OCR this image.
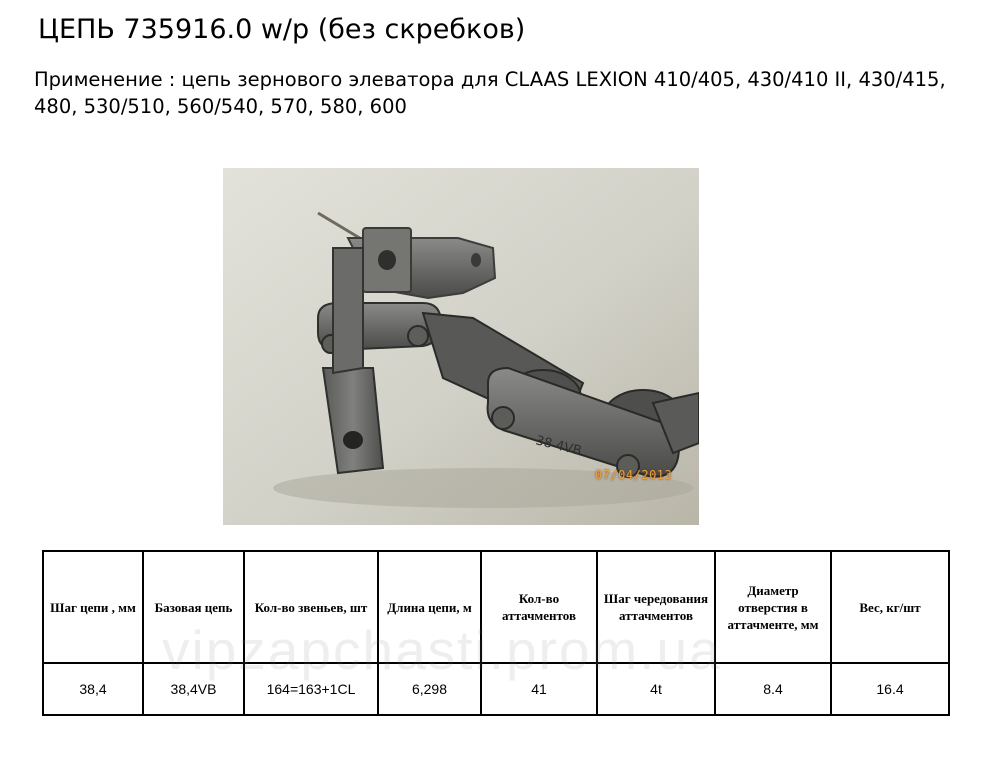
ЦЕПЬ 735916.0 w/p (без скребков)
Применение : цепь зернового элеватора для CLAAS LEXION 410/405, 430/410 II, 430/415, 480, 530/510, 560/540, 570, 580, 600
38 4VB
07/04/2013
Шаг цепи , мм	Базовая цепь	Кол-во звеньев, шт	Длина цепи, м	Кол-во аттачментов	Шаг чередования аттачментов	Диаметр отверстия в аттачменте, мм	Вес, кг/шт
38,4	38,4VB	164=163+1CL	6,298	41	4t	8.4	16.4
vipzapchasti.prom.ua
